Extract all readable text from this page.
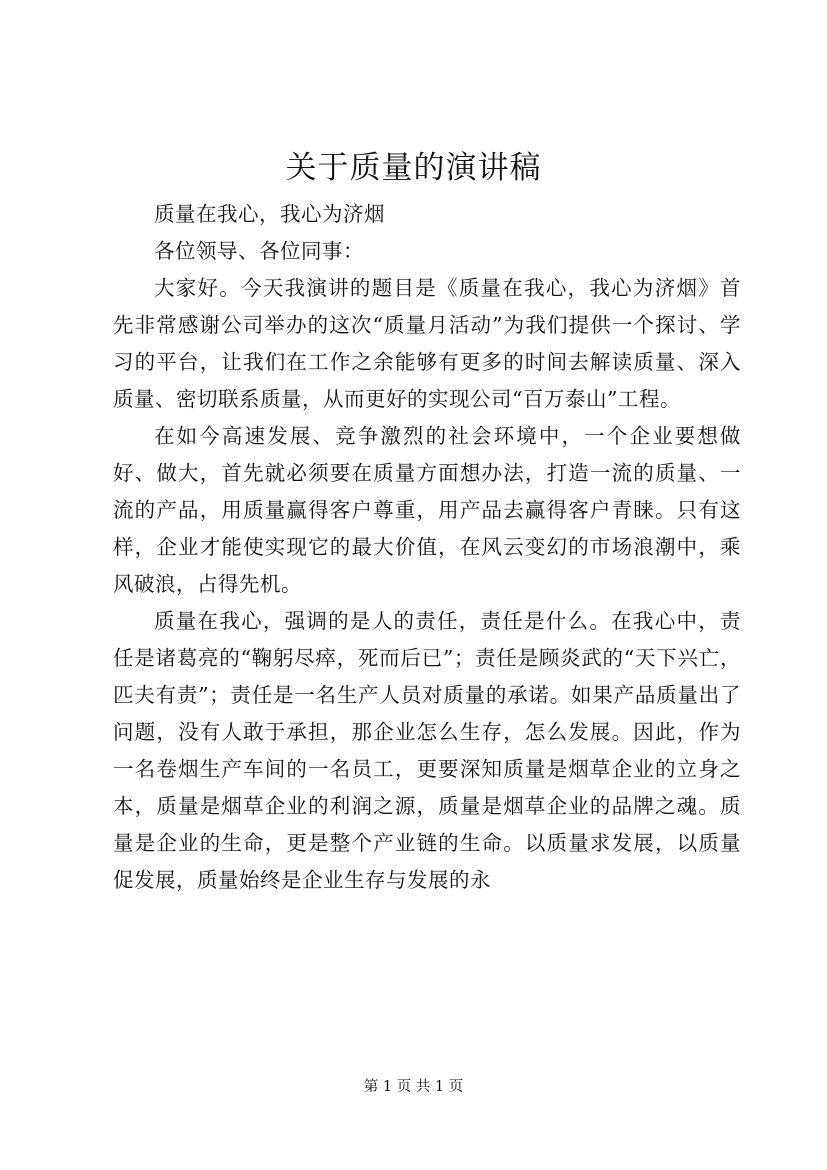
关于质量的演讲稿

质量在我心，我心为济烟

各位领导、各位同事：

大家好。今天我演讲的题目是《质量在我心，我心为济烟》首先非常感谢公司举办的这次“质量月活动”为我们提供一个探讨、学习的平台，让我们在工作之余能够有更多的时间去解读质量、深入质量、密切联系质量，从而更好的实现公司“百万泰山”工程。

在如今高速发展、竞争激烈的社会环境中，一个企业要想做好、做大，首先就必须要在质量方面想办法，打造一流的质量、一流的产品，用质量赢得客户尊重，用产品去赢得客户青睐。只有这样，企业才能使实现它的最大价值，在风云变幻的市场浪潮中，乘风破浪，占得先机。

质量在我心，强调的是人的责任，责任是什么。在我心中，责任是诸葛亮的“鞠躬尽瘁，死而后已”；责任是顾炎武的“天下兴亡，匹夫有责”；责任是一名生产人员对质量的承诺。如果产品质量出了问题，没有人敢于承担，那企业怎么生存，怎么发展。因此，作为一名卷烟生产车间的一名员工，更要深知质量是烟草企业的立身之本，质量是烟草企业的利润之源，质量是烟草企业的品牌之魂。质量是企业的生命，更是整个产业链的生命。以质量求发展，以质量促发展，质量始终是企业生存与发展的永

第 1 页 共 1 页
